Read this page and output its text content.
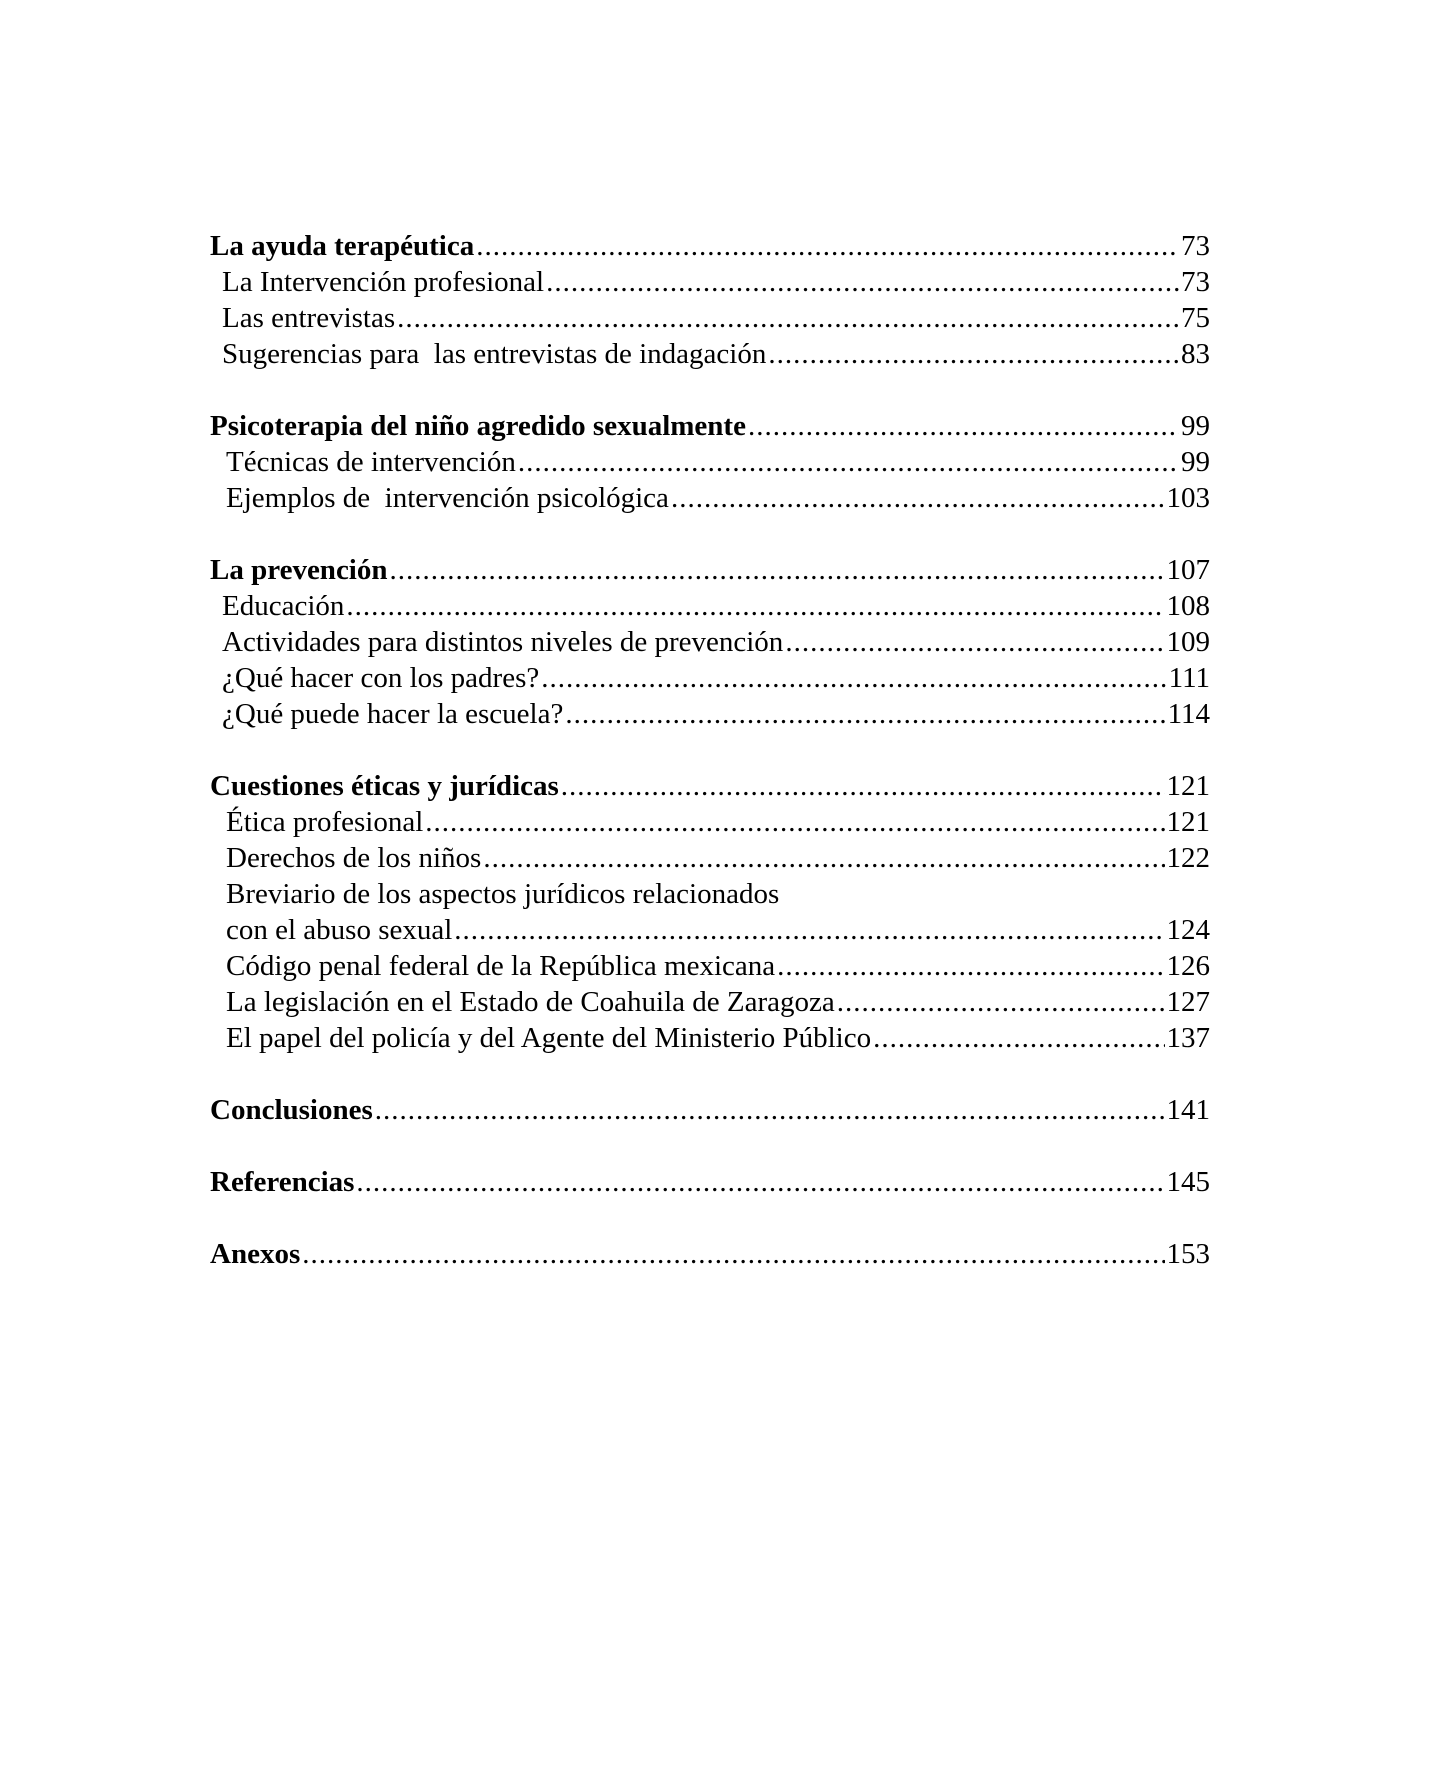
La ayuda terapéutica .....	73
La Intervención profesional .....	73
Las entrevistas .....	75
Sugerencias para  las entrevistas de indagación .....	83
Psicoterapia del niño agredido sexualmente .....	99
Técnicas de intervención .....	99
Ejemplos de  intervención psicológica .....	103
La prevención .....	107
Educación .....	108
Actividades para distintos niveles de prevención .....	109
¿Qué hacer con los padres? .....	111
¿Qué puede hacer la escuela? .....	114
Cuestiones éticas y jurídicas .....	121
Ética profesional .....	121
Derechos de los niños .....	122
Breviario de los aspectos jurídicos relacionados
con el abuso sexual .....	124
Código penal federal de la República mexicana .....	126
La legislación en el Estado de Coahuila de Zaragoza .....	127
El papel del policía y del Agente del Ministerio Público .....	137
Conclusiones .....	141
Referencias .....	145
Anexos .....	153
